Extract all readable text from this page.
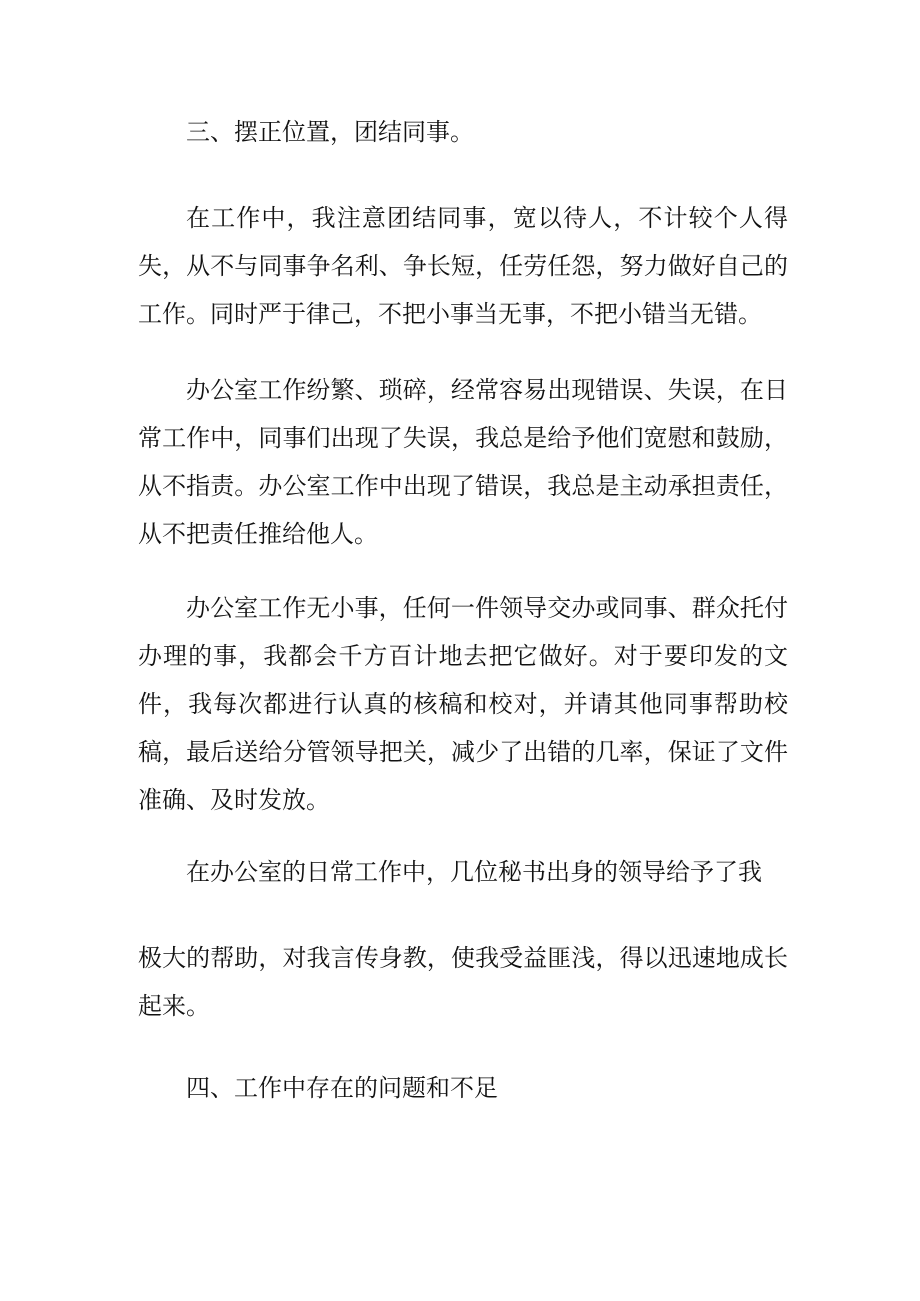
三、摆正位置，团结同事。

在工作中，我注意团结同事，宽以待人，不计较个人得失，从不与同事争名利、争长短，任劳任怨，努力做好自己的工作。同时严于律己，不把小事当无事，不把小错当无错。

办公室工作纷繁、琐碎，经常容易出现错误、失误，在日常工作中，同事们出现了失误，我总是给予他们宽慰和鼓励，从不指责。办公室工作中出现了错误，我总是主动承担责任，从不把责任推给他人。

办公室工作无小事，任何一件领导交办或同事、群众托付办理的事，我都会千方百计地去把它做好。对于要印发的文件，我每次都进行认真的核稿和校对，并请其他同事帮助校稿，最后送给分管领导把关，减少了出错的几率，保证了文件准确、及时发放。

在办公室的日常工作中，几位秘书出身的领导给予了我

极大的帮助，对我言传身教，使我受益匪浅，得以迅速地成长起来。

四、工作中存在的问题和不足
